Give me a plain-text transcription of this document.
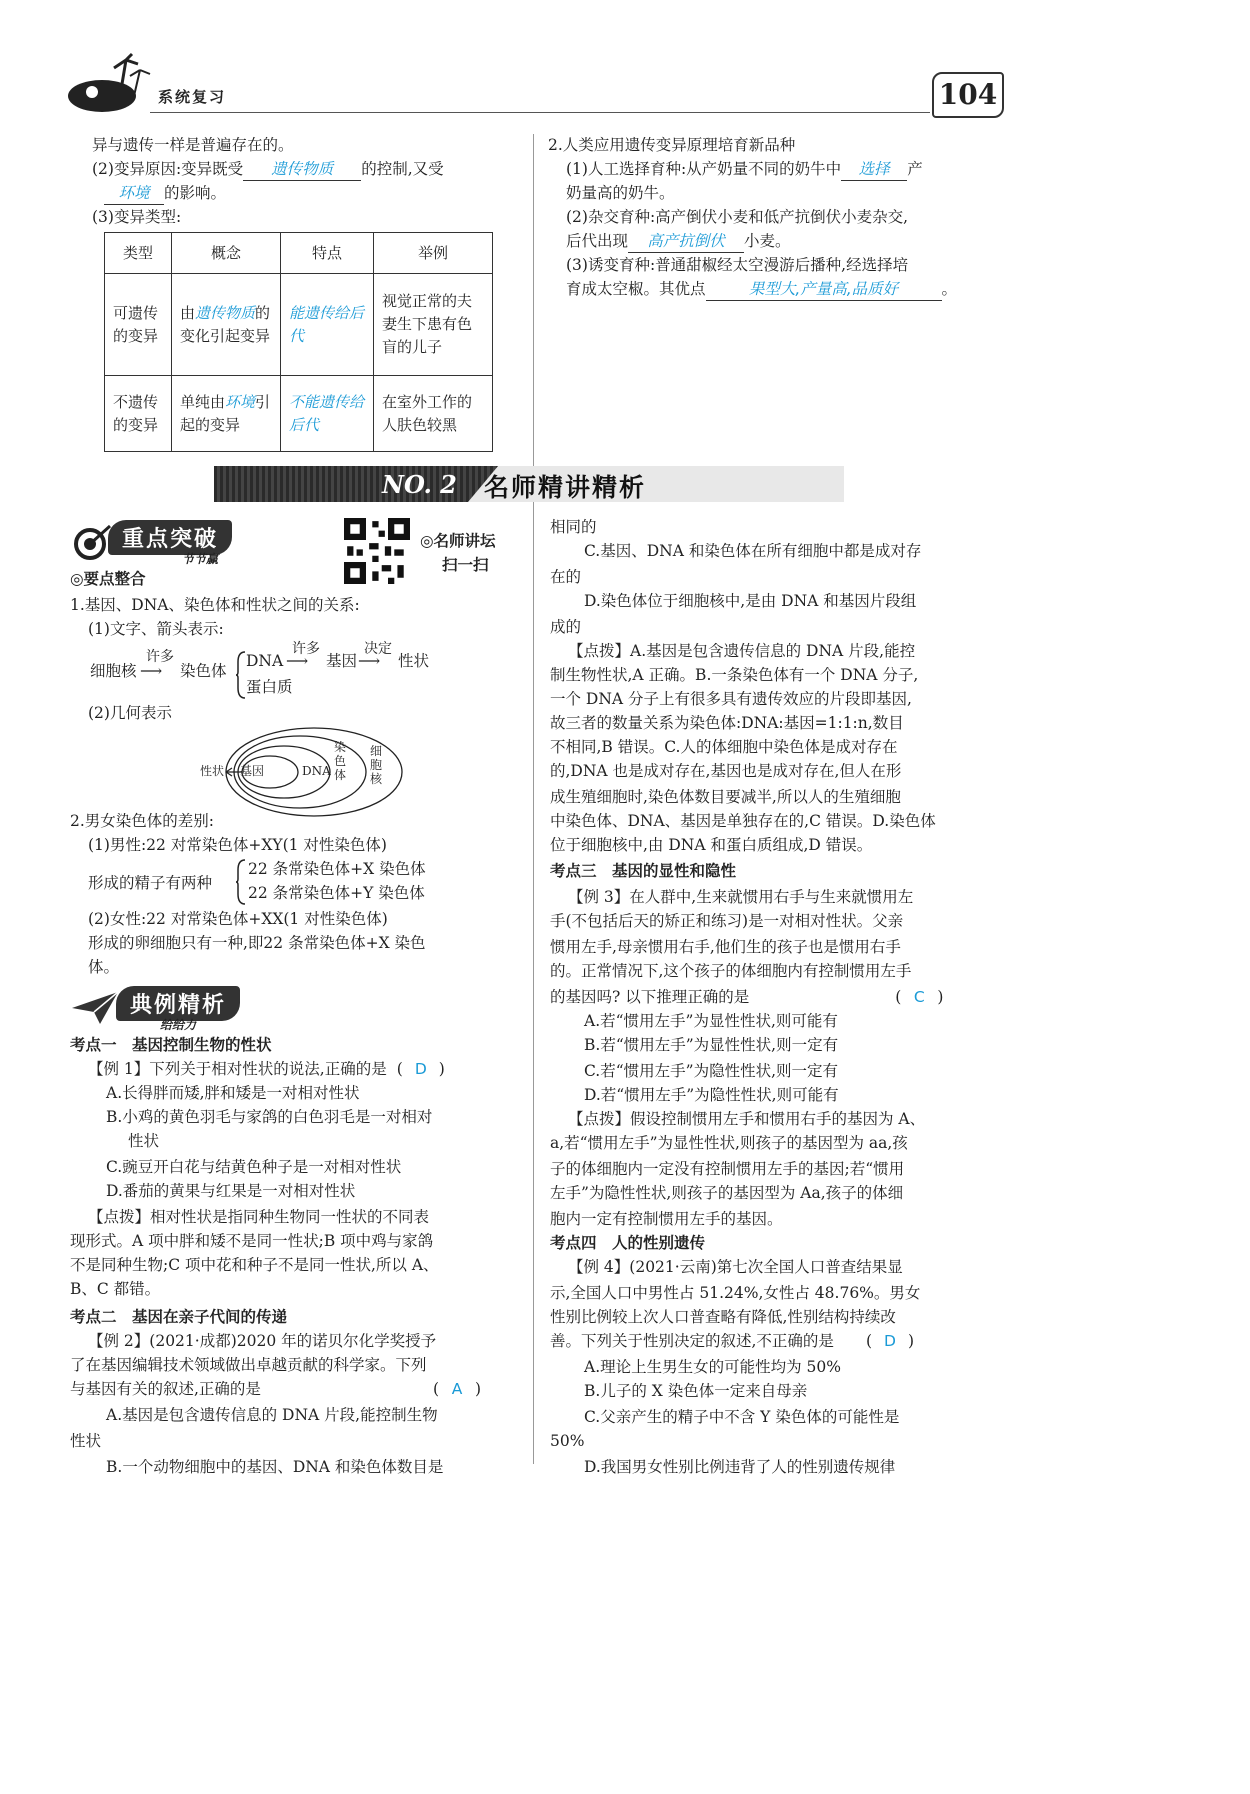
系统复习	104
异与遗传一样是普遍存在的。
(2)变异原因:变异既受 遗传物质 的控制,又受
环境 的影响。
(3)变异类型:
类型	概念	特点	举例
可遗传的变异	由遗传物质的变化引起变异	能遗传给后代	视觉正常的夫妻生下患有色盲的儿子
不遗传的变异	单纯由环境引起的变异	不能遗传给后代	在室外工作的人肤色较黑
2.人类应用遗传变异原理培育新品种
(1)人工选择育种:从产奶量不同的奶牛中 选择 产
奶量高的奶牛。
(2)杂交育种:高产倒伏小麦和低产抗倒伏小麦杂交,
后代出现 高产抗倒伏 小麦。
(3)诱变育种:普通甜椒经太空漫游后播种,经选择培
育成太空椒。其优点	果型大,产量高,品质好	。
NO. 2 名师精讲精析
重点突破
节节赢
◎名师讲坛
扫一扫
◎要点整合
1.基因、DNA、染色体和性状之间的关系:
(1)文字、箭头表示:
细胞核
许多
⟶ 染色体
DNA
蛋白质
许多
⟶ 基因
决定
⟶ 性状
(2)几何表示
性状 基因	DNA
染色体
细胞核
2.男女染色体的差别:
(1)男性:22 对常染色体+XY(1 对性染色体)
形成的精子有两种
22 条常染色体+X 染色体
22 条常染色体+Y 染色体
(2)女性:22 对常染色体+XX(1 对性染色体)
形成的卵细胞只有一种,即22 条常染色体+X 染色
体。
典例精析
给给力
考点一　基因控制生物的性状
【例 1】下列关于相对性状的说法,正确的是 ( D )
A.长得胖而矮,胖和矮是一对相对性状
B.小鸡的黄色羽毛与家鸽的白色羽毛是一对相对
性状
C.豌豆开白花与结黄色种子是一对相对性状
D.番茄的黄果与红果是一对相对性状
【点拨】相对性状是指同种生物同一性状的不同表
现形式。A 项中胖和矮不是同一性状;B 项中鸡与家鸽
不是同种生物;C 项中花和种子不是同一性状,所以 A、
B、C 都错。
考点二　基因在亲子代间的传递
【例 2】(2021·成都)2020 年的诺贝尔化学奖授予
了在基因编辑技术领域做出卓越贡献的科学家。下列
与基因有关的叙述,正确的是	( A )
A.基因是包含遗传信息的 DNA 片段,能控制生物
性状
B.一个动物细胞中的基因、DNA 和染色体数目是
相同的
C.基因、DNA 和染色体在所有细胞中都是成对存
在的
D.染色体位于细胞核中,是由 DNA 和基因片段组
成的
【点拨】A.基因是包含遗传信息的 DNA 片段,能控
制生物性状,A 正确。B.一条染色体有一个 DNA 分子,
一个 DNA 分子上有很多具有遗传效应的片段即基因,
故三者的数量关系为染色体:DNA:基因=1:1:n,数目
不相同,B 错误。C.人的体细胞中染色体是成对存在
的,DNA 也是成对存在,基因也是成对存在,但人在形
成生殖细胞时,染色体数目要减半,所以人的生殖细胞
中染色体、DNA、基因是单独存在的,C 错误。D.染色体
位于细胞核中,由 DNA 和蛋白质组成,D 错误。
考点三　基因的显性和隐性
【例 3】在人群中,生来就惯用右手与生来就惯用左
手(不包括后天的矫正和练习)是一对相对性状。父亲
惯用左手,母亲惯用右手,他们生的孩子也是惯用右手
的。正常情况下,这个孩子的体细胞内有控制惯用左手
的基因吗? 以下推理正确的是	( C )
A.若“惯用左手”为显性性状,则可能有
B.若“惯用左手”为显性性状,则一定有
C.若“惯用左手”为隐性性状,则一定有
D.若“惯用左手”为隐性性状,则可能有
【点拨】假设控制惯用左手和惯用右手的基因为 A、
a,若“惯用左手”为显性性状,则孩子的基因型为 aa,孩
子的体细胞内一定没有控制惯用左手的基因;若“惯用
左手”为隐性性状,则孩子的基因型为 Aa,孩子的体细
胞内一定有控制惯用左手的基因。
考点四　人的性别遗传
【例 4】(2021·云南)第七次全国人口普查结果显
示,全国人口中男性占 51.24%,女性占 48.76%。男女
性别比例较上次人口普查略有降低,性别结构持续改
善。下列关于性别决定的叙述,不正确的是 ( D )
A.理论上生男生女的可能性均为 50%
B.儿子的 X 染色体一定来自母亲
C.父亲产生的精子中不含 Y 染色体的可能性是
50%
D.我国男女性别比例违背了人的性别遗传规律
